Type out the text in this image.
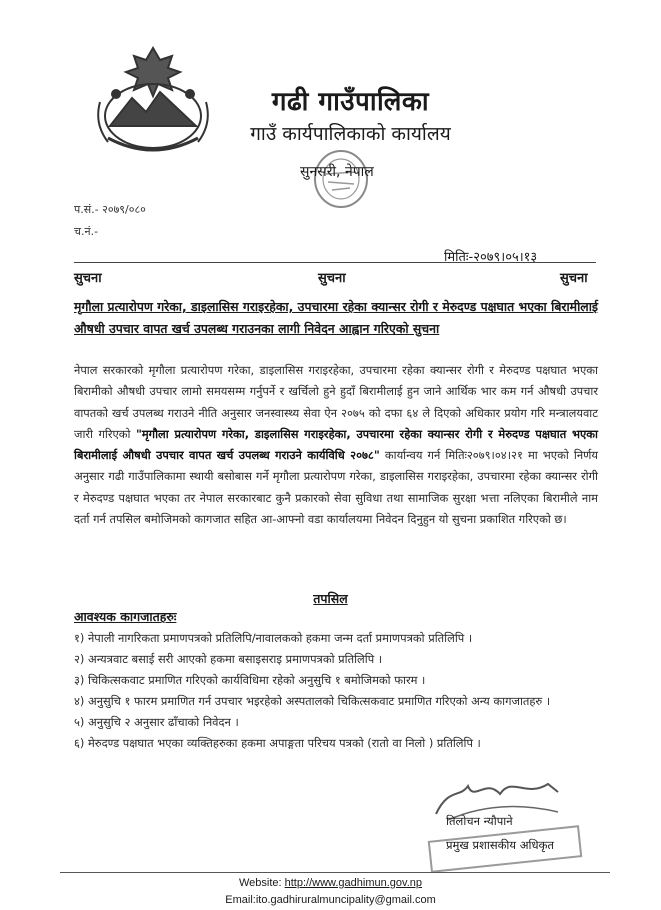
गढी गाउँपालिका
गाउँ कार्यपालिकाको कार्यालय
सुनसरी, नेपाल
प.सं.- २०७९/०८०
च.नं.-
मितिः-२०७९।०५।१३
सुचना	सुचना	सुचना
मृगौला प्रत्यारोपण गरेका, डाइलासिस गराइरहेका, उपचारमा रहेका क्यान्सर रोगी र मेरुदण्ड पक्षघात भएका बिरामीलाई औषधी उपचार वापत खर्च उपलब्ध गराउनका लागी निवेदन आह्वान गरिएको सुचना
नेपाल सरकारको मृगौला प्रत्यारोपण गरेका, डाइलासिस गराइरहेका, उपचारमा रहेका क्यान्सर रोगी र मेरुदण्ड पक्षघात भएका बिरामीको औषधी उपचार लामो समयसम्म गर्नुपर्ने र खर्चिलो हुने हुदाँ बिरामीलाई हुन जाने आर्थिक भार कम गर्न औषधी उपचार वापतको खर्च उपलब्ध गराउने नीति अनुसार जनस्वास्थ्य सेवा ऐन २०७५ को दफा ६४ ले दिएको अधिकार प्रयोग गरि मन्त्रालयवाट जारी गरिएको "मृगौला प्रत्यारोपण गरेका, डाइलासिस गराइरहेका, उपचारमा रहेका क्यान्सर रोगी र मेरुदण्ड पक्षघात भएका बिरामीलाई औषधी उपचार वापत खर्च उपलब्ध गराउने कार्यविधि २०७८" कार्यान्वय गर्न मितिः२०७९।०४।२१ मा भएको निर्णय अनुसार गढी गाउँपालिकामा स्थायी बसोबास गर्ने मृगौला प्रत्यारोपण गरेका, डाइलासिस गराइरहेका, उपचारमा रहेका क्यान्सर रोगी र मेरुदण्ड पक्षघात भएका तर नेपाल सरकारबाट कुनै प्रकारको सेवा सुविधा तथा सामाजिक सुरक्षा भत्ता नलिएका बिरामीले नाम दर्ता गर्न तपसिल बमोजिमको कागजात सहित आ-आफ्नो वडा कार्यालयमा निवेदन दिनुहुन यो सुचना प्रकाशित गरिएको छ।
तपसिल
आवश्यक कागजातहरुः
१) नेपाली नागरिकता प्रमाणपत्रको प्रतिलिपि/नावालकको हकमा जन्म दर्ता प्रमाणपत्रको प्रतिलिपि ।
२) अन्यत्रवाट बसाई सरी आएको हकमा बसाइसराइ प्रमाणपत्रको प्रतिलिपि ।
३) चिकित्सकवाट प्रमाणित गरिएको कार्यविधिमा रहेको अनुसुचि १ बमोजिमको फारम ।
४) अनुसुचि १ फारम प्रमाणित गर्न उपचार भइरहेको अस्पतालको चिकित्सकवाट प्रमाणित गरिएको अन्य कागजातहरु ।
५) अनुसुचि २ अनुसार ढाँचाको निवेदन ।
६) मेरुदण्ड पक्षघात भएका व्यक्तिहरुका हकमा अपाङ्गता परिचय पत्रको (रातो वा निलो ) प्रतिलिपि ।
तिलोचन न्यौपाने
प्रमुख प्रशासकीय अधिकृत
Website: http://www.gadhimun.gov.np
Email:ito.gadhiruralmuncipality@gmail.com
